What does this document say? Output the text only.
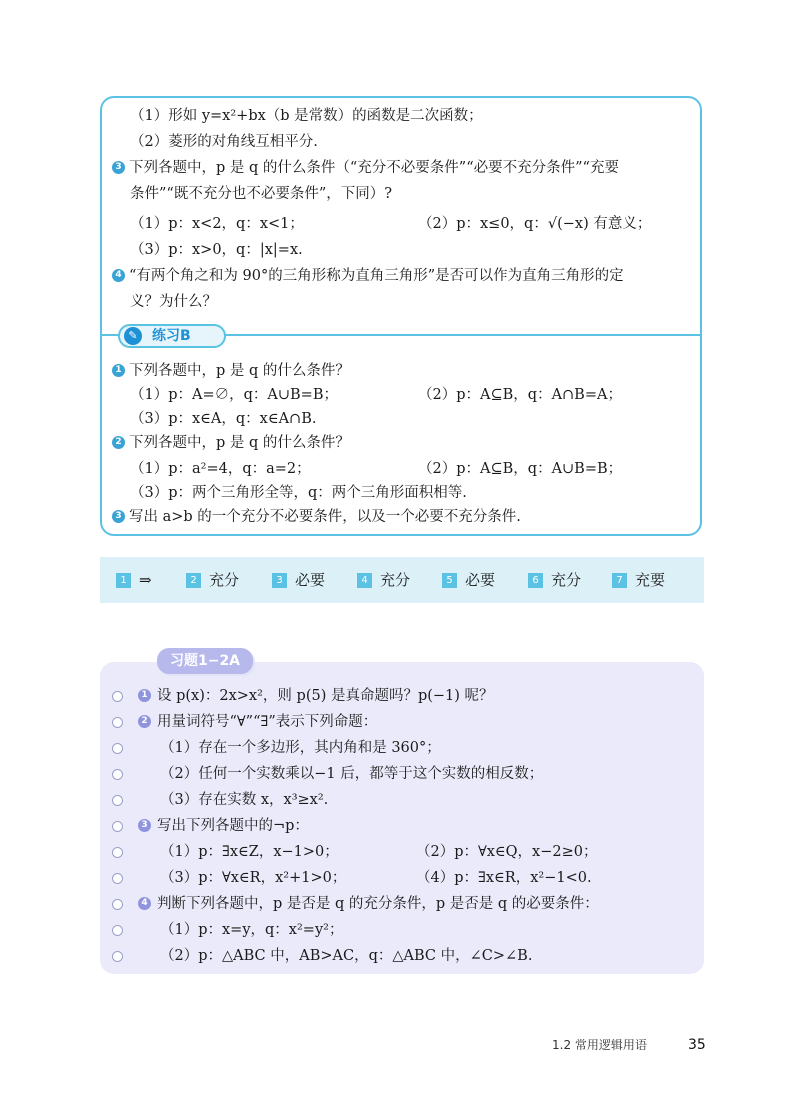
（1）形如 y=x²+bx（b 是常数）的函数是二次函数；
（2）菱形的对角线互相平分.
3 下列各题中，p 是 q 的什么条件（“充分不必要条件”“必要不充分条件”“充要
条件”“既不充分也不必要条件”，下同）?
（1）p：x<2，q：x<1；	（2）p：x≤0，q：√(−x) 有意义；
（3）p：x>0，q：|x|=x.
4 “有两个角之和为 90°的三角形称为直角三角形”是否可以作为直角三角形的定
义？为什么？
✎	练习B
1 下列各题中，p 是 q 的什么条件？
（1）p：A=∅，q：A∪B=B；	（2）p：A⊆B，q：A∩B=A；
（3）p：x∈A，q：x∈A∩B.
2 下列各题中，p 是 q 的什么条件？
（1）p：a²=4，q：a=2；	（2）p：A⊆B，q：A∪B=B；
（3）p：两个三角形全等，q：两个三角形面积相等.
3 写出 a>b 的一个充分不必要条件，以及一个必要不充分条件.
1 ⇒	2 充分	3 必要	4 充分	5 必要	6 充分	7 充要
习题1−2A
1 设 p(x)：2x>x²，则 p(5) 是真命题吗？p(−1) 呢？
2 用量词符号“∀”“∃”表示下列命题：
（1）存在一个多边形，其内角和是 360°；
（2）任何一个实数乘以−1 后，都等于这个实数的相反数；
（3）存在实数 x，x³≥x².
3 写出下列各题中的¬p：
（1）p：∃x∈Z，x−1>0；	（2）p：∀x∈Q，x−2≥0；
（3）p：∀x∈R，x²+1>0；	（4）p：∃x∈R，x²−1<0.
4 判断下列各题中，p 是否是 q 的充分条件，p 是否是 q 的必要条件：
（1）p：x=y，q：x²=y²；
（2）p：△ABC 中，AB>AC，q：△ABC 中，∠C>∠B.
1.2 常用逻辑用语	35
